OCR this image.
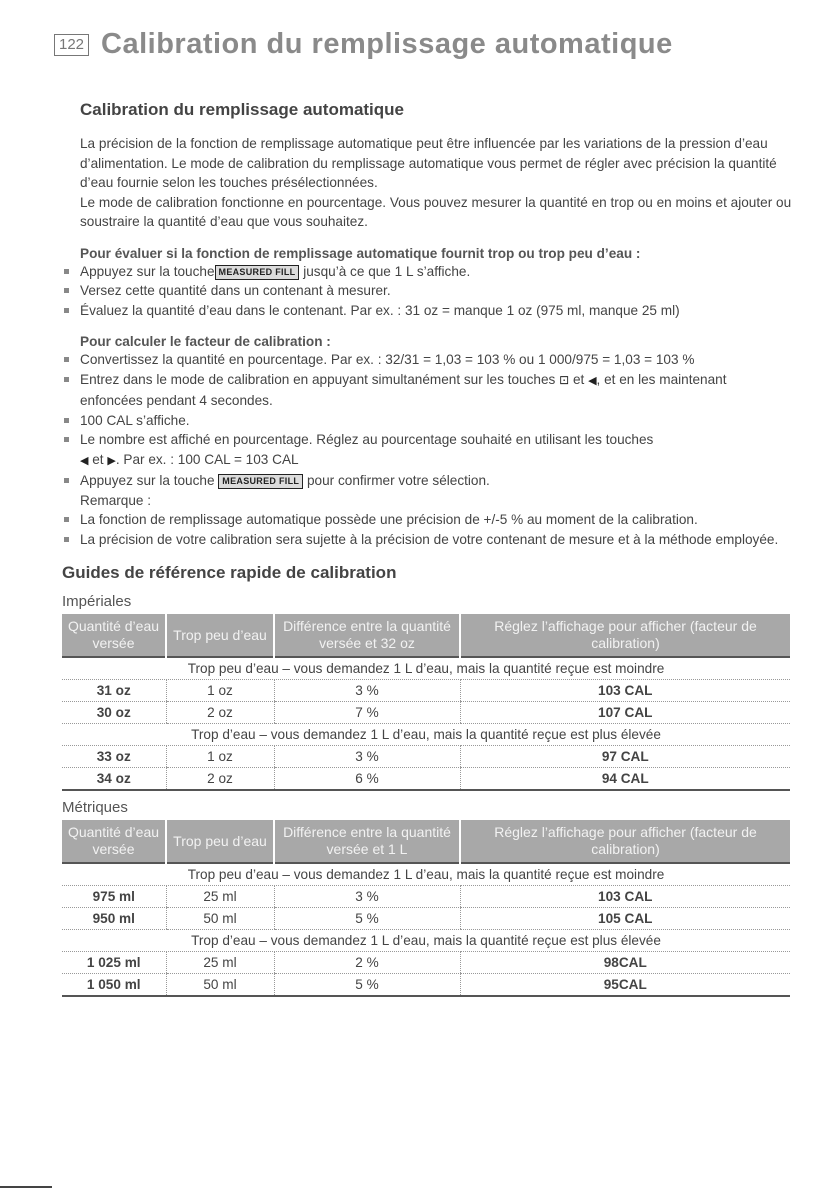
122 Calibration du remplissage automatique
Calibration du remplissage automatique

La précision de la fonction de remplissage automatique peut être influencée par les variations de la pression d’eau d’alimentation. Le mode de calibration du remplissage automatique vous permet de régler avec précision la quantité d’eau fournie selon les touches présélectionnées.

Le mode de calibration fonctionne en pourcentage. Vous pouvez mesurer la quantité en trop ou en moins et ajouter ou soustraire la quantité d’eau que vous souhaitez.

Pour évaluer si la fonction de remplissage automatique fournit trop ou trop peu d’eau :
Appuyez sur la touche MEASURED FILL jusqu’à ce que 1 L s’affiche.
Versez cette quantité dans un contenant à mesurer.
Évaluez la quantité d’eau dans le contenant. Par ex. : 31 oz = manque 1 oz (975 ml, manque 25 ml)
Pour calculer le facteur de calibration :
Convertissez la quantité en pourcentage. Par ex. : 32/31 = 1,03 = 103 % ou 1 000/975 = 1,03 = 103 %
Entrez dans le mode de calibration en appuyant simultanément sur les touches ⊡ et ◀, et en les maintenant enfoncées pendant 4 secondes.
100 CAL s’affiche.
Le nombre est affiché en pourcentage. Réglez au pourcentage souhaité en utilisant les touches
◀ et ▶. Par ex. : 100 CAL = 103 CAL
Appuyez sur la touche MEASURED FILL pour confirmer votre sélection.
Remarque :
La fonction de remplissage automatique possède une précision de +/-5 % au moment de la calibration.
La précision de votre calibration sera sujette à la précision de votre contenant de mesure et à la méthode employée.
Guides de référence rapide de calibration
Impériales
Quantité d’eau versée	Trop peu d’eau	Différence entre la quantité versée et 32 oz	Réglez l’affichage pour afficher (facteur de calibration)
Trop peu d’eau – vous demandez 1 L d’eau, mais la quantité reçue est moindre			
31 oz	1 oz	3 %	103 CAL
30 oz	2 oz	7 %	107 CAL
Trop d’eau – vous demandez 1 L d’eau, mais la quantité reçue est plus élevée			
33 oz	1 oz	3 %	97 CAL
34 oz	2 oz	6 %	94 CAL
Métriques
Quantité d’eau versée	Trop peu d’eau	Différence entre la quantité versée et 1 L	Réglez l’affichage pour afficher (facteur de calibration)
Trop peu d’eau – vous demandez 1 L d’eau, mais la quantité reçue est moindre			
975 ml	25 ml	3 %	103 CAL
950 ml	50 ml	5 %	105 CAL
Trop d’eau – vous demandez 1 L d’eau, mais la quantité reçue est plus élevée			
1 025 ml	25 ml	2 %	98CAL
1 050 ml	50 ml	5 %	95CAL
